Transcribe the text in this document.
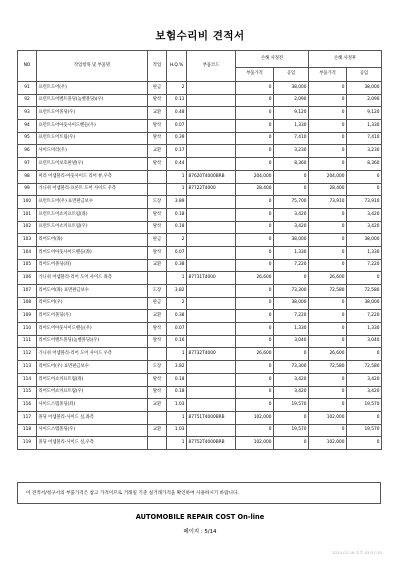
보험수리비 견적서
NO	작업항목 및 부품명	작업	H.Q.%	부품코드	손해 사정전		손해 사정후	
					부품가격	공임	부품가격	공임
91	프런트도어(우)	판금	2		0	38,000	0	38,000
92	프런트도어벨트몰딩(높벨몰딩)(우)	탈착	0.11		0	2,090	0	2,090
93	프런트도어몰딩(우)	교환	0.48		0	9,120	0	9,120
94	프런트도어아웃사이드핸들(우)	탈착	0.07		0	1,330	0	1,330
95	프런트도어트림(우)	탈착	0.39		0	7,410	0	7,410
96	사이드미러(우)	교환	0.17		0	3,230	0	3,230
97	프런트도어보호판넬(우)	탈착	0.44		0	8,360	0	8,360
98	미러 어셈블리-아웃사이드 리어 뷰,우측		1	87620T4000BRB	204,000	0	204,000	0
99	가니쉬 어셈블리-프론트 도어 사이드 우측		1	87722T4000	28,400	0	28,400	0
100	프런트도어(우) 표면판금보수	도장	3.89		0	75,700	73,910	73,910
101	프런트도어쇼커프트림(좌)	탈착	0.18		0	3,420	0	3,420
102	프런트도어쇼커프트림(우)	탈착	0.18		0	3,420	0	3,420
103	리어도어(좌)	판금	2		0	38,000	0	38,000
104	리어도어아웃사이드핸들(좌)	탈착	0.07		0	1,330	0	1,330
105	리어도어몰딩(좌)	교환	0.38		0	7,220	0	7,220
106	가니쉬 어셈블리-리어 도어 사이드 좌측		1	87731T4000	26,600	0	26,600	0
107	리어도어(좌) 표면판금보수	도장	3.82		0	73,300	72,580	72,580
108	리어도어(우)	판금	2		0	38,000	0	38,000
109	리어도어몰딩(우)	교환	0.38		0	7,220	0	7,220
110	리어도어아웃사이드핸들(우)	탈착	0.07		0	1,330	0	1,330
111	리어도어벨트몰딩(높벨몰딩)(우)	탈착	0.16		0	3,040	0	3,040
112	가니쉬 어셈블리-리어 도어 사이드 우측		1	87732T4000	26,600	0	26,600	0
113	리어도어(우) 표면판금보수	도장	3.82		0	73,300	72,580	72,580
114	리어도어쇼커프트림(좌)	탈착	0.18		0	3,420	0	3,420
115	리어도어쇼커프트림(우)	탈착	0.18		0	3,420	0	3,420
116	사이드스텝몰딩(좌)	교환	1.03		0	19,570	0	19,570
117	몰딩 어셈블리-사이드 실,좌측		1	87751T4000BRB	102,000	0	102,000	0
118	사이드스텝몰딩(우)	교환	1.03		0	19,570	0	19,570
119	몰딩 어셈블리-사이드 실,우측		1	87752T4000BRB	102,000	0	102,000	0
이 견적서/청구서의 부품가격은 참고 가격이므로 거래일 기준 실거래가격을 확인하여 사용하시기 바랍니다.
AUTOMOBILE REPAIR COST On-line
페이지 : 5/14
2024-01-16 오후 03:57:30
